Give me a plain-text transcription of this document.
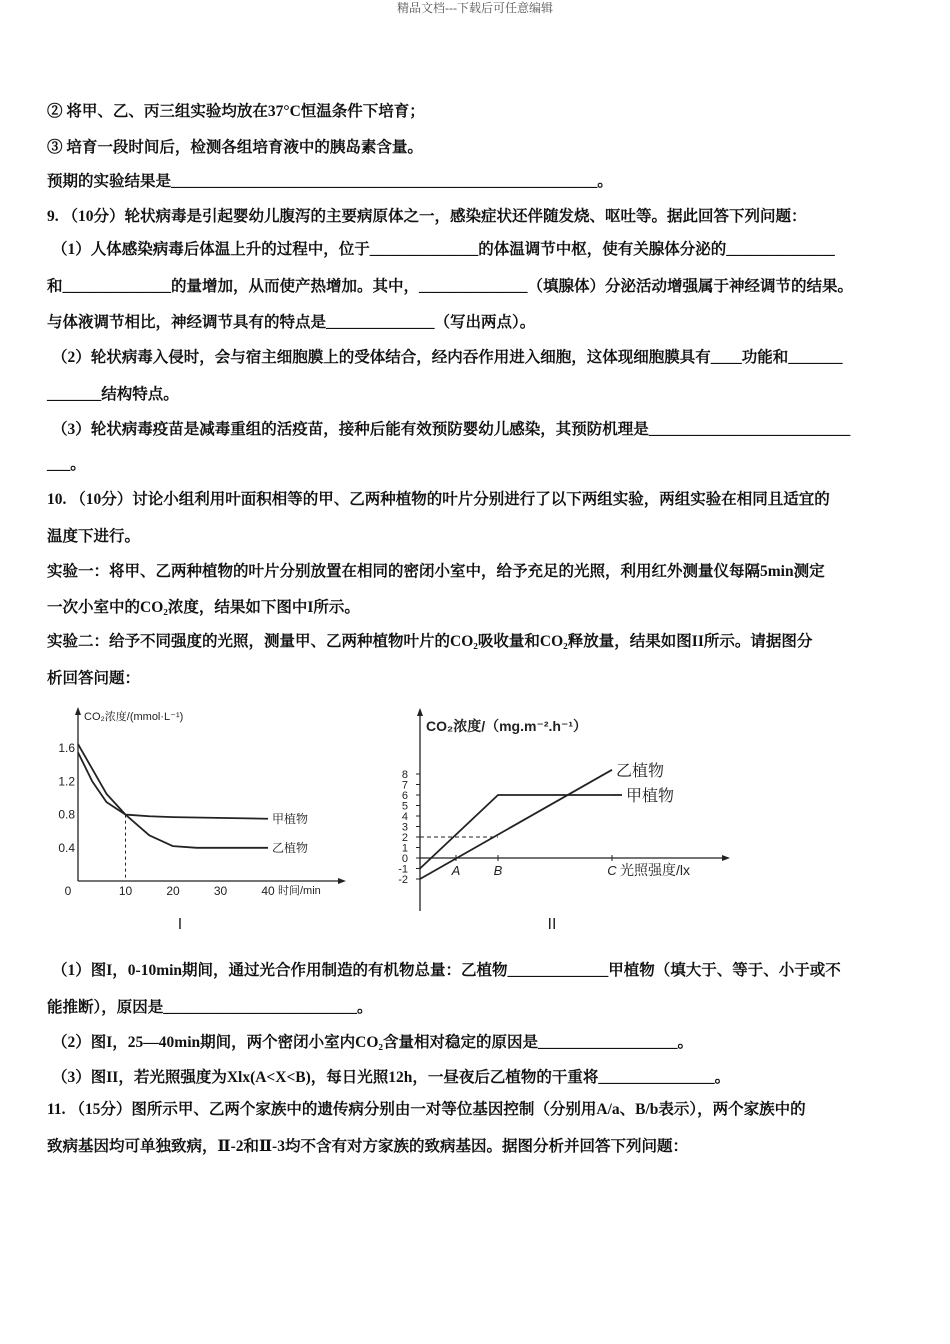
精品文档---下载后可任意编辑
② 将甲、乙、丙三组实验均放在37°C恒温条件下培育；
③ 培育一段时间后，检测各组培育液中的胰岛素含量。
预期的实验结果是_______________________________________________________。
9. （10分）轮状病毒是引起婴幼儿腹泻的主要病原体之一，感染症状还伴随发烧、呕吐等。据此回答下列问题：
（1）人体感染病毒后体温上升的过程中，位于______________的体温调节中枢，使有关腺体分泌的______________
和______________的量增加，从而使产热增加。其中，______________（填腺体）分泌活动增强属于神经调节的结果。
与体液调节相比，神经调节具有的特点是______________（写出两点）。
（2）轮状病毒入侵时，会与宿主细胞膜上的受体结合，经内吞作用进入细胞，这体现细胞膜具有____功能和_______
_______结构特点。
（3）轮状病毒疫苗是减毒重组的活疫苗，接种后能有效预防婴幼儿感染，其预防机理是__________________________
___。
10. （10分）讨论小组利用叶面积相等的甲、乙两种植物的叶片分别进行了以下两组实验，两组实验在相同且适宜的
温度下进行。
实验一：将甲、乙两种植物的叶片分别放置在相同的密闭小室中，给予充足的光照，利用红外测量仪每隔5min测定
一次小室中的CO₂浓度，结果如下图中I所示。
实验二：给予不同强度的光照，测量甲、乙两种植物叶片的CO₂吸收量和CO₂释放量，结果如图II所示。请据图分
析回答问题：
CO₂浓度/(mmol·L⁻¹)
时间/min
I
0	10	20	30	40
0.4
0.8
1.2
1.6
甲植物
乙植物
CO₂浓度/（mg.m⁻².h⁻¹）
光照强度/lx
II
-2
-1
0
1
2
3
4
5
6
7
8
A	B	C
乙植物
甲植物
（1）图I，0-10min期间，通过光合作用制造的有机物总量：乙植物_____________甲植物（填大于、等于、小于或不
能推断），原因是_________________________。
（2）图I，25—40min期间，两个密闭小室内CO₂含量相对稳定的原因是__________________。
（3）图II，若光照强度为Xlx(A<X<B)，每日光照12h，一昼夜后乙植物的干重将_______________。
11. （15分）图所示甲、乙两个家族中的遗传病分别由一对等位基因控制（分别用A/a、B/b表示），两个家族中的
致病基因均可单独致病，Ⅱ-2和Ⅱ-3均不含有对方家族的致病基因。据图分析并回答下列问题：
